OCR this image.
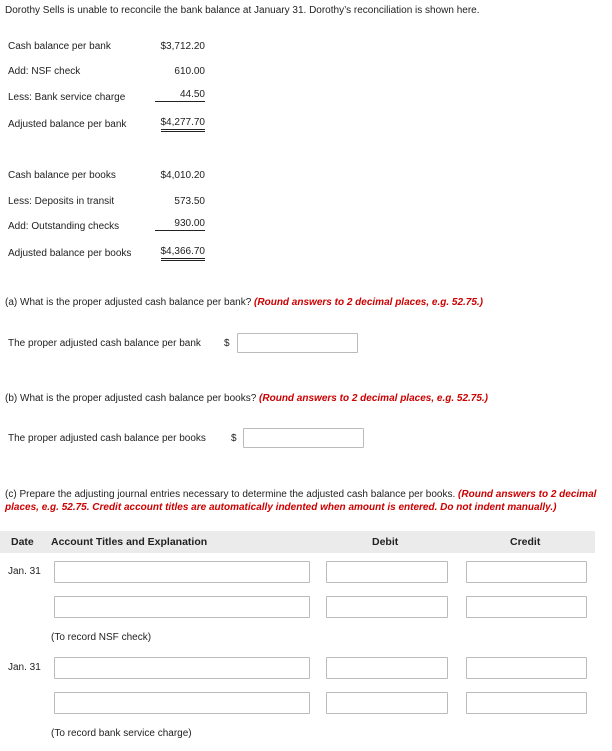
Dorothy Sells is unable to reconcile the bank balance at January 31. Dorothy’s reconciliation is shown here.
Cash balance per bank	$3,712.20
Add: NSF check	610.00
Less: Bank service charge	44.50
Adjusted balance per bank	$4,277.70
Cash balance per books	$4,010.20
Less: Deposits in transit	573.50
Add: Outstanding checks	930.00
Adjusted balance per books	$4,366.70
(a) What is the proper adjusted cash balance per bank? (Round answers to 2 decimal places, e.g. 52.75.)
The proper adjusted cash balance per bank $
(b) What is the proper adjusted cash balance per books? (Round answers to 2 decimal places, e.g. 52.75.)
The proper adjusted cash balance per books	$
(c) Prepare the adjusting journal entries necessary to determine the adjusted cash balance per books. (Round answers to 2 decimal places, e.g. 52.75. Credit account titles are automatically indented when amount is entered. Do not indent manually.)
Date Account Titles and Explanation	Debit	Credit
Jan. 31
(To record NSF check)
Jan. 31
(To record bank service charge)
